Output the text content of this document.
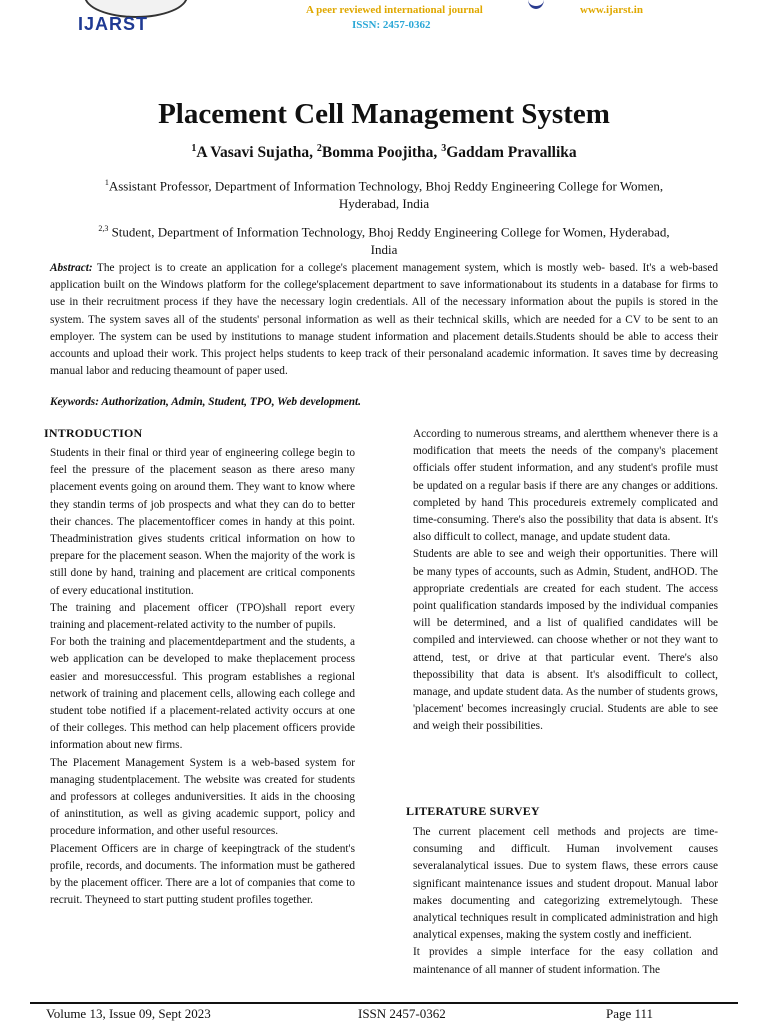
IJARST
A peer reviewed international journal
ISSN: 2457-0362
www.ijarst.in
Placement Cell Management System
$^1$A Vasavi Sujatha, $^2$Bomma Poojitha, $^3$Gaddam Pravallika
$^1$Assistant Professor, Department of Information Technology, Bhoj Reddy Engineering College for Women,
Hyderabad, India
$^{2,3}$ Student, Department of Information Technology, Bhoj Reddy Engineering College for Women, Hyderabad,
India
Abstract: The project is to create an application for a college's placement management system, which is mostly web- based. It's a web-based application built on the Windows platform for the college'splacement department to save informationabout its students in a database for firms to use in their recruitment process if they have the necessary login credentials. All of the necessary information about the pupils is stored in the system. The system saves all of the students' personal information as well as their technical skills, which are needed for a CV to be sent to an employer. The system can be used by institutions to manage student information and placement details.Students should be able to access their accounts and upload their work. This project helps students to keep track of their personaland academic information. It saves time by decreasing manual labor and reducing theamount of paper used.
Keywords: Authorization, Admin, Student, TPO, Web development.
INTRODUCTION

Students in their final or third year of engineering college begin to feel the pressure of the placement season as there areso many placement events going on around them. They want to know where they standin terms of job prospects and what they can do to better their chances. The placementofficer comes in handy at this point. Theadministration gives students critical information on how to prepare for the placement season. When the majority of the work is still done by hand, training and placement are critical components of every educational institution.

The training and placement officer (TPO)shall report every training and placement-related activity to the number of pupils.

For both the training and placementdepartment and the students, a web application can be developed to make theplacement process easier and moresuccessful. This program establishes a regional network of training and placement cells, allowing each college and student tobe notified if a placement-related activity occurs at one of their colleges. This method can help placement officers provide information about new firms.

The Placement Management System is a web-based system for managing studentplacement. The website was created for students and professors at colleges anduniversities. It aids in the choosing of aninstitution, as well as giving academic support, policy and procedure information, and other useful resources.

Placement Officers are in charge of keepingtrack of the student's profile, records, and documents. The information must be gathered by the placement officer. There are a lot of companies that come to recruit. Theyneed to start putting student profiles together.

According to numerous streams, and alertthem whenever there is a modification that meets the needs of the company's placement officials offer student information, and any student's profile must be updated on a regular basis if there are any changes or additions. completed by hand This procedureis extremely complicated and time-consuming. There's also the possibility that data is absent. It's also difficult to collect, manage, and update student data.

Students are able to see and weigh their opportunities. There will be many types of accounts, such as Admin, Student, andHOD. The appropriate credentials are created for each student. The access point qualification standards imposed by the individual companies will be determined, and a list of qualified candidates will be compiled and interviewed. can choose whether or not they want to attend, test, or drive at that particular event. There's also thepossibility that data is absent. It's alsodifficult to collect, manage, and update student data. As the number of students grows, 'placement' becomes increasingly crucial. Students are able to see and weigh their possibilities.

LITERATURE SURVEY

The current placement cell methods and projects are time-consuming and difficult. Human involvement causes severalanalytical issues. Due to system flaws, these errors cause significant maintenance issues and student dropout. Manual labor makes documenting and categorizing extremelytough. These analytical techniques result in complicated administration and high analytical expenses, making the system costly and inefficient.

It provides a simple interface for the easy collation and maintenance of all manner of student information. The

Volume 13, Issue 09, Sept 2023	ISSN 2457-0362	Page 111
